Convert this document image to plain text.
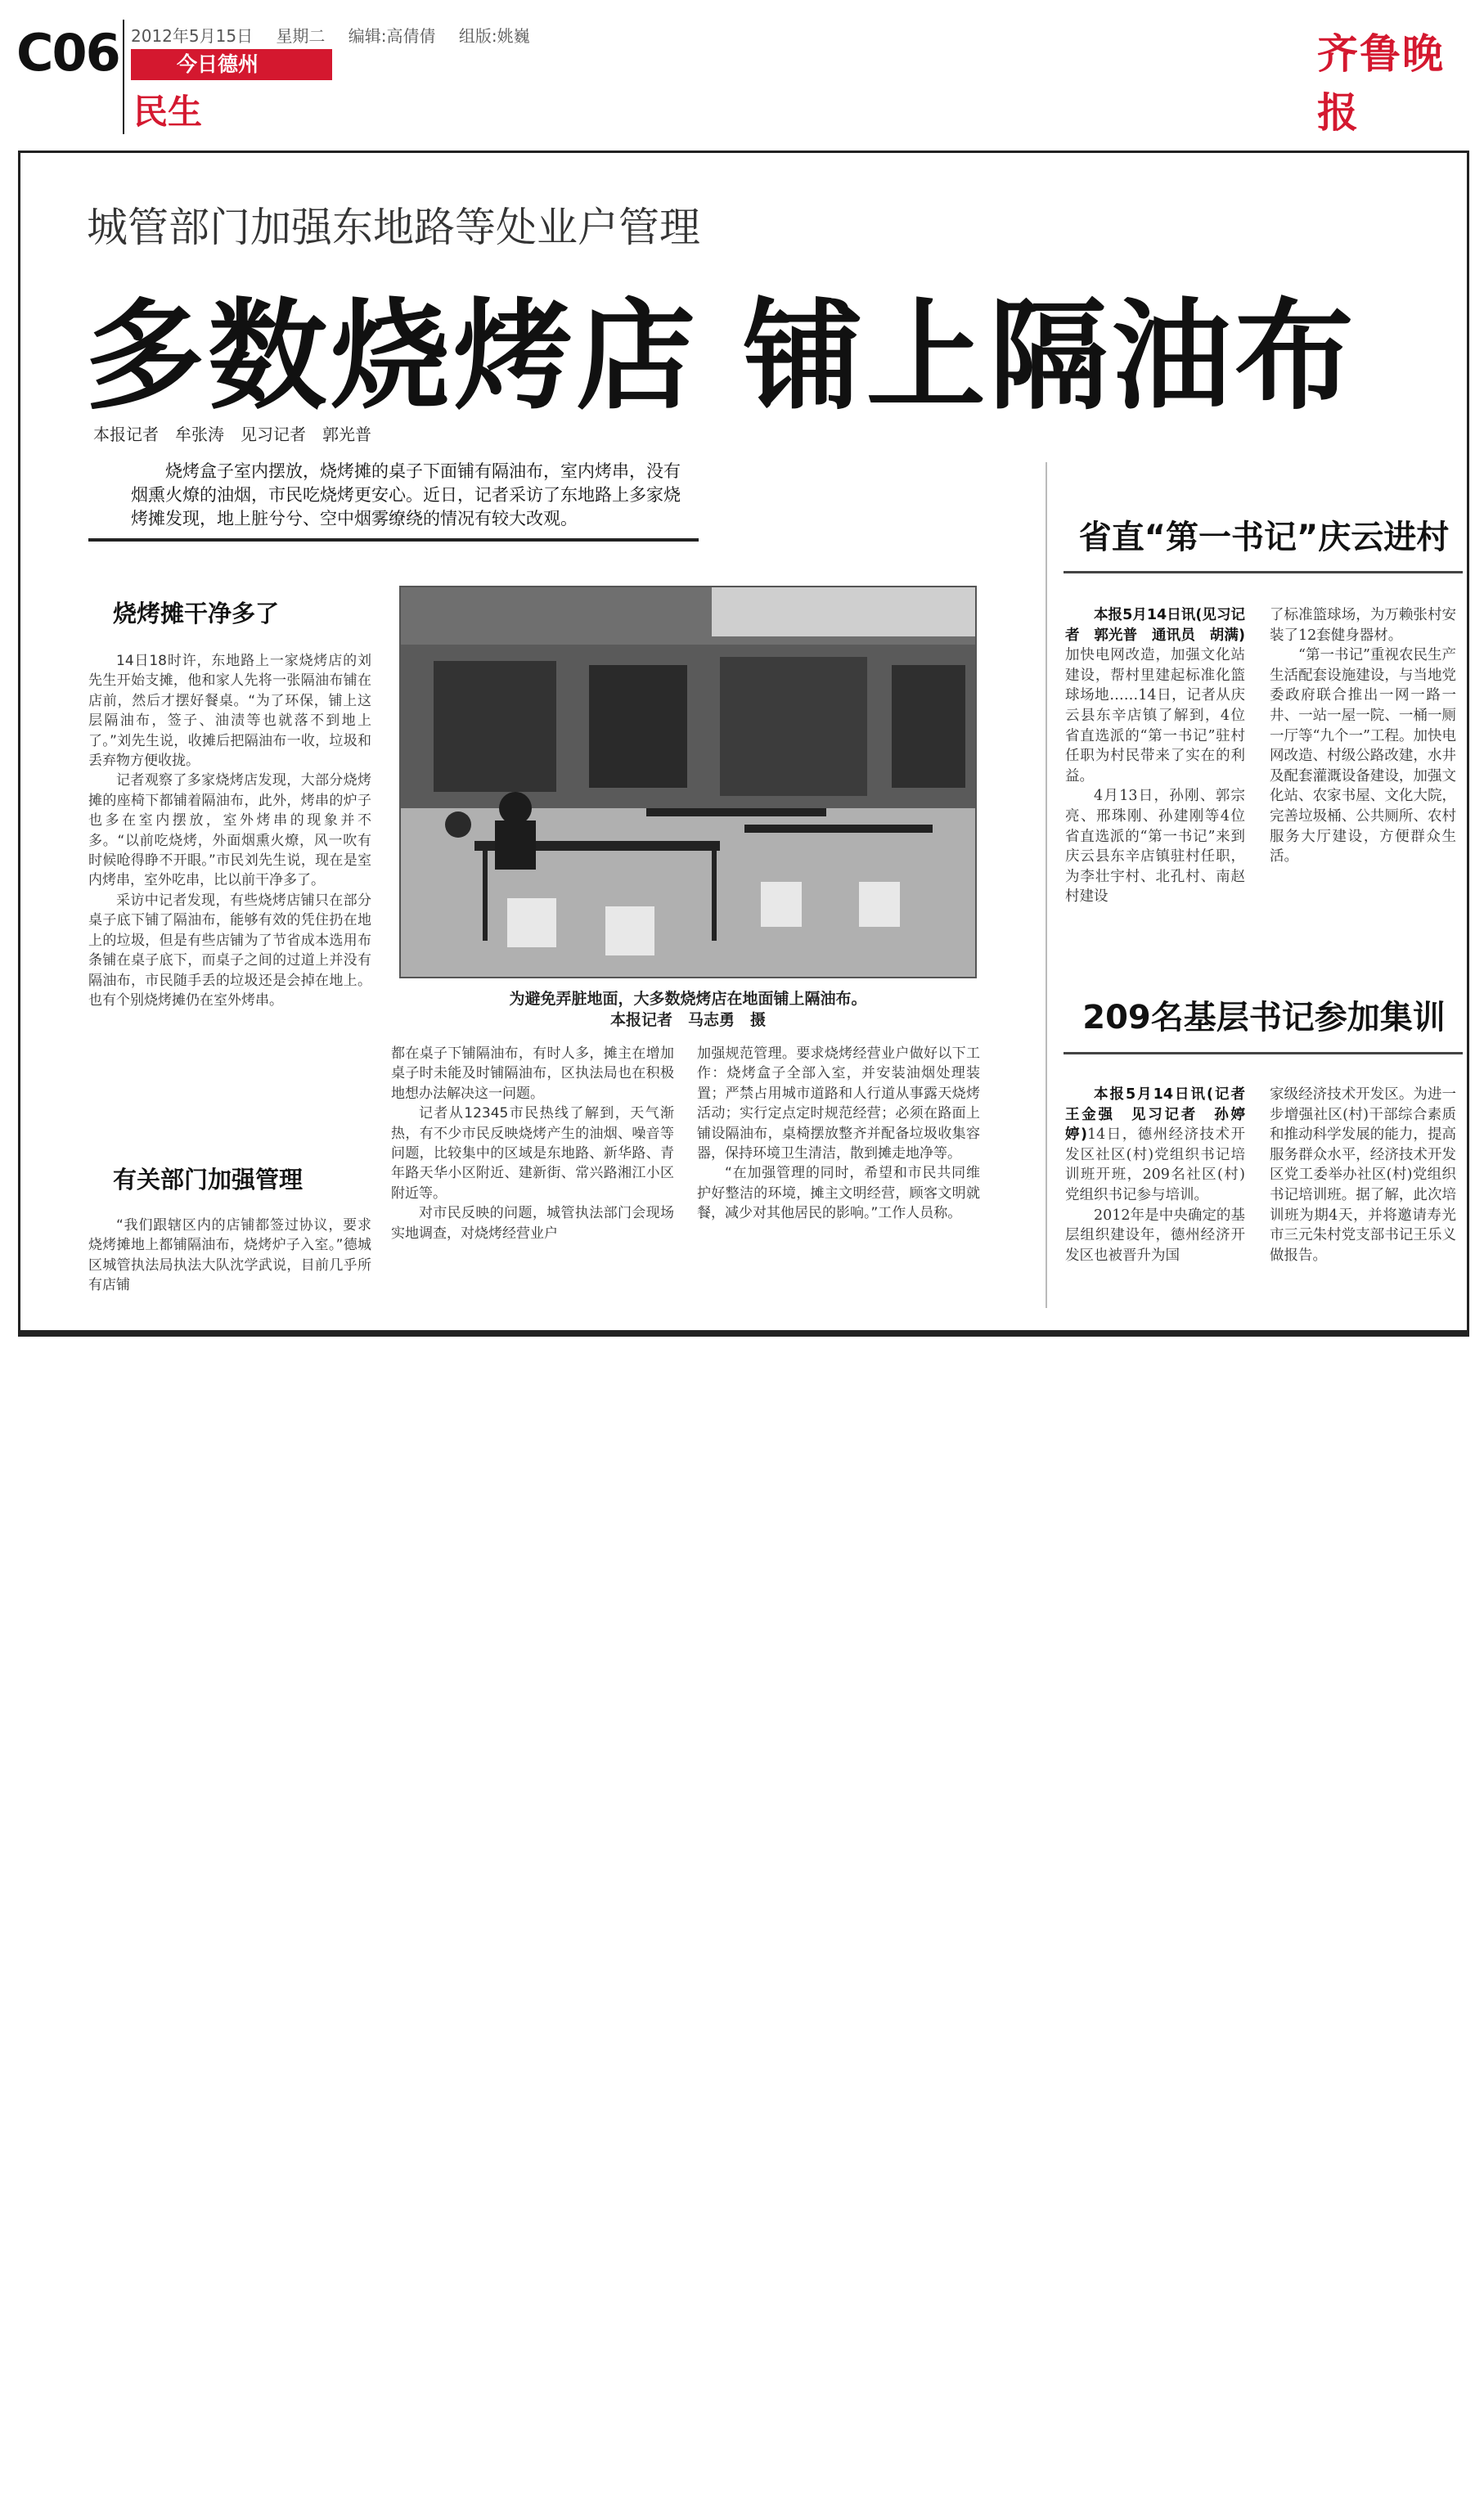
C06 2012年5月15日 星期二 编辑:高倩倩 组版:姚巍
今日德州
民生
齐鲁晚报
城管部门加强东地路等处业户管理
多数烧烤店 铺上隔油布
本报记者　牟张涛　见习记者　郭光普
烧烤盒子室内摆放，烧烤摊的桌子下面铺有隔油布，室内烤串，没有烟熏火燎的油烟，市民吃烧烤更安心。近日，记者采访了东地路上多家烧烤摊发现，地上脏兮兮、空中烟雾缭绕的情况有较大改观。
烧烤摊干净多了

14日18时许，东地路上一家烧烤店的刘先生开始支摊，他和家人先将一张隔油布铺在店前，然后才摆好餐桌。“为了环保，铺上这层隔油布，签子、油渍等也就落不到地上了。”刘先生说，收摊后把隔油布一收，垃圾和丢弃物方便收拢。

记者观察了多家烧烤店发现，大部分烧烤摊的座椅下都铺着隔油布，此外，烤串的炉子也多在室内摆放，室外烤串的现象并不多。“以前吃烧烤，外面烟熏火燎，风一吹有时候呛得睁不开眼。”市民刘先生说，现在是室内烤串，室外吃串，比以前干净多了。

采访中记者发现，有些烧烤店铺只在部分桌子底下铺了隔油布，能够有效的凭住扔在地上的垃圾，但是有些店铺为了节省成本选用布条铺在桌子底下，而桌子之间的过道上并没有隔油布，市民随手丢的垃圾还是会掉在地上。也有个别烧烤摊仍在室外烤串。

有关部门加强管理

“我们跟辖区内的店铺都签过协议，要求烧烤摊地上都铺隔油布，烧烤炉子入室。”德城区城管执法局执法大队沈学武说，目前几乎所有店铺

为避免弄脏地面，大多数烧烤店在地面铺上隔油布。
本报记者　马志勇　摄

都在桌子下铺隔油布，有时人多，摊主在增加桌子时未能及时铺隔油布，区执法局也在积极地想办法解决这一问题。

记者从12345市民热线了解到，天气渐热，有不少市民反映烧烤产生的油烟、噪音等问题，比较集中的区域是东地路、新华路、青年路天华小区附近、建新街、常兴路湘江小区附近等。

对市民反映的问题，城管执法部门会现场实地调查，对烧烤经营业户

加强规范管理。要求烧烤经营业户做好以下工作：烧烤盒子全部入室，并安装油烟处理装置；严禁占用城市道路和人行道从事露天烧烤活动；实行定点定时规范经营；必须在路面上铺设隔油布，桌椅摆放整齐并配备垃圾收集容器，保持环境卫生清洁，散到摊走地净等。

“在加强管理的同时，希望和市民共同维护好整洁的环境，摊主文明经营，顾客文明就餐，减少对其他居民的影响。”工作人员称。

省直“第一书记”庆云进村

本报5月14日讯(见习记者　郭光普　通讯员　胡满)加快电网改造，加强文化站建设，帮村里建起标准化篮球场地……14日，记者从庆云县东辛店镇了解到，4位省直选派的“第一书记”驻村任职为村民带来了实在的利益。

4月13日，孙刚、郭宗亮、邢珠刚、孙建刚等4位省直选派的“第一书记”来到庆云县东辛店镇驻村任职，为李壮宇村、北孔村、南赵村建设

了标准篮球场，为万赖张村安装了12套健身器材。

“第一书记”重视农民生产生活配套设施建设，与当地党委政府联合推出一网一路一井、一站一屋一院、一桶一厕一厅等“九个一”工程。加快电网改造、村级公路改建，水井及配套灌溉设备建设，加强文化站、农家书屋、文化大院，完善垃圾桶、公共厕所、农村服务大厅建设，方便群众生活。

209名基层书记参加集训

本报5月14日讯(记者　王金强　见习记者　孙婷婷)14日，德州经济技术开发区社区(村)党组织书记培训班开班，209名社区(村)党组织书记参与培训。

2012年是中央确定的基层组织建设年，德州经济开发区也被晋升为国

家级经济技术开发区。为进一步增强社区(村)干部综合素质和推动科学发展的能力，提高服务群众水平，经济技术开发区党工委举办社区(村)党组织书记培训班。据了解，此次培训班为期4天，并将邀请寿光市三元朱村党支部书记王乐义做报告。
